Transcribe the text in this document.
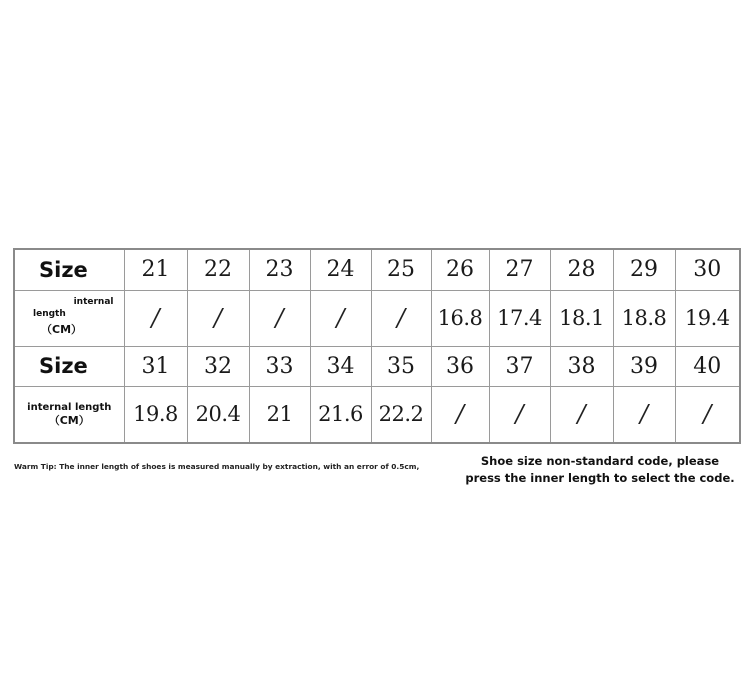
Size	21	22	23	24	25	26	27	28	29	30

internal
length
（CM）	/	/	/	/	/	16.8	17.4	18.1	18.8	19.4
Size	31	32	33	34	35	36	37	38	39	40

internal length
（CM）	19.8	20.4	21	21.6	22.2	/	/	/	/	/
Warm Tip: The inner length of shoes is measured manually by extraction, with an error of 0.5cm,	Shoe size non-standard code, please
press the inner length to select the code.
